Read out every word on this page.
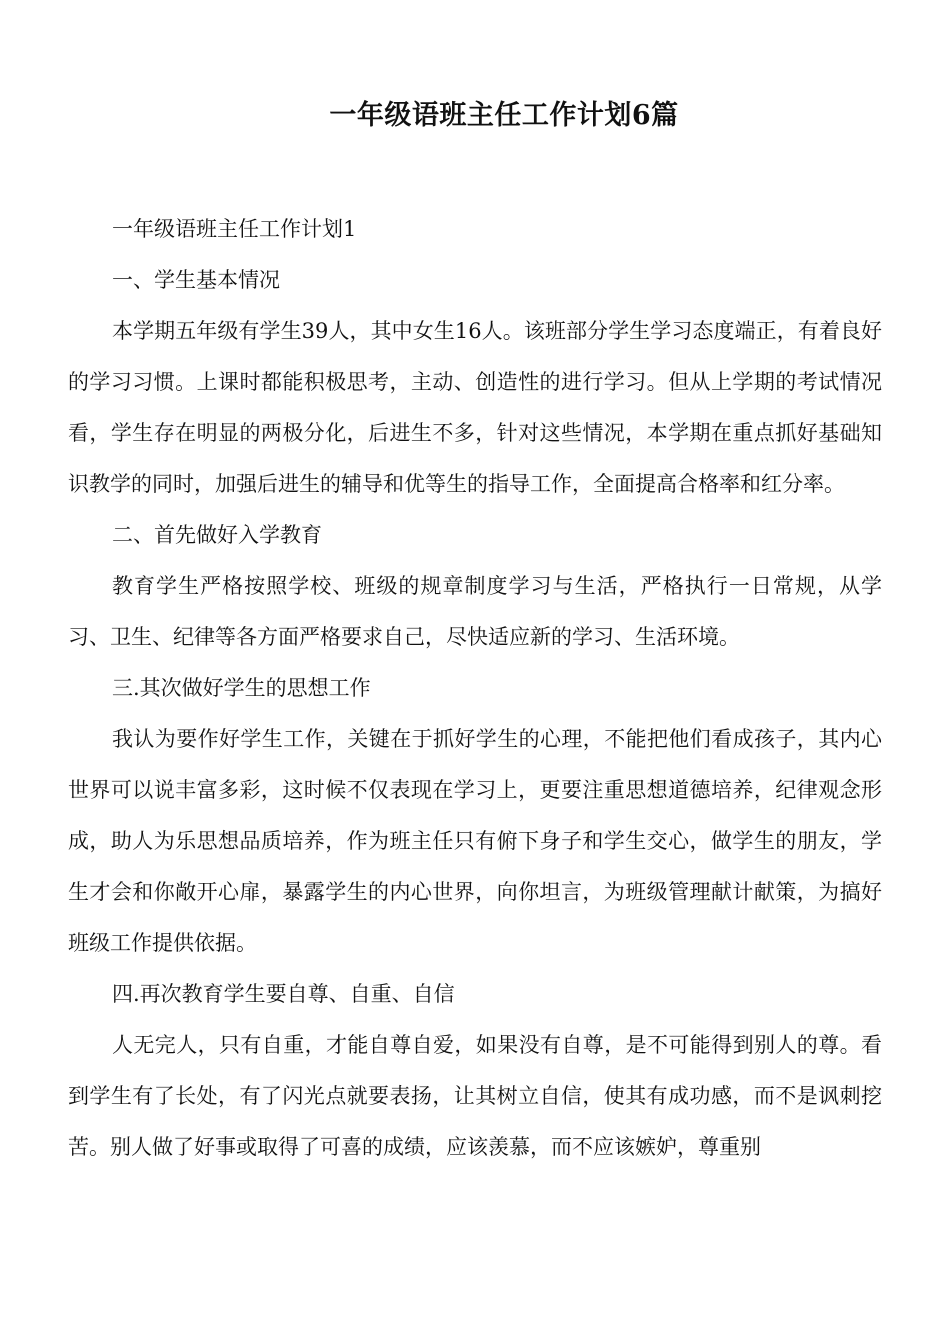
一年级语班主任工作计划6篇

一年级语班主任工作计划1

一、学生基本情况

本学期五年级有学生39人，其中女生16人。该班部分学生学习态度端正，有着良好的学习习惯。上课时都能积极思考，主动、创造性的进行学习。但从上学期的考试情况看，学生存在明显的两极分化，后进生不多，针对这些情况，本学期在重点抓好基础知识教学的同时，加强后进生的辅导和优等生的指导工作，全面提高合格率和红分率。

二、首先做好入学教育

教育学生严格按照学校、班级的规章制度学习与生活，严格执行一日常规，从学习、卫生、纪律等各方面严格要求自己，尽快适应新的学习、生活环境。

三.其次做好学生的思想工作

我认为要作好学生工作，关键在于抓好学生的心理，不能把他们看成孩子，其内心世界可以说丰富多彩，这时候不仅表现在学习上，更要注重思想道德培养，纪律观念形成，助人为乐思想品质培养，作为班主任只有俯下身子和学生交心，做学生的朋友，学生才会和你敞开心扉，暴露学生的内心世界，向你坦言，为班级管理献计献策，为搞好班级工作提供依据。

四.再次教育学生要自尊、自重、自信

人无完人，只有自重，才能自尊自爱，如果没有自尊，是不可能得到别人的尊。看到学生有了长处，有了闪光点就要表扬，让其树立自信，使其有成功感，而不是讽刺挖苦。别人做了好事或取得了可喜的成绩，应该羡慕，而不应该嫉妒，尊重别
